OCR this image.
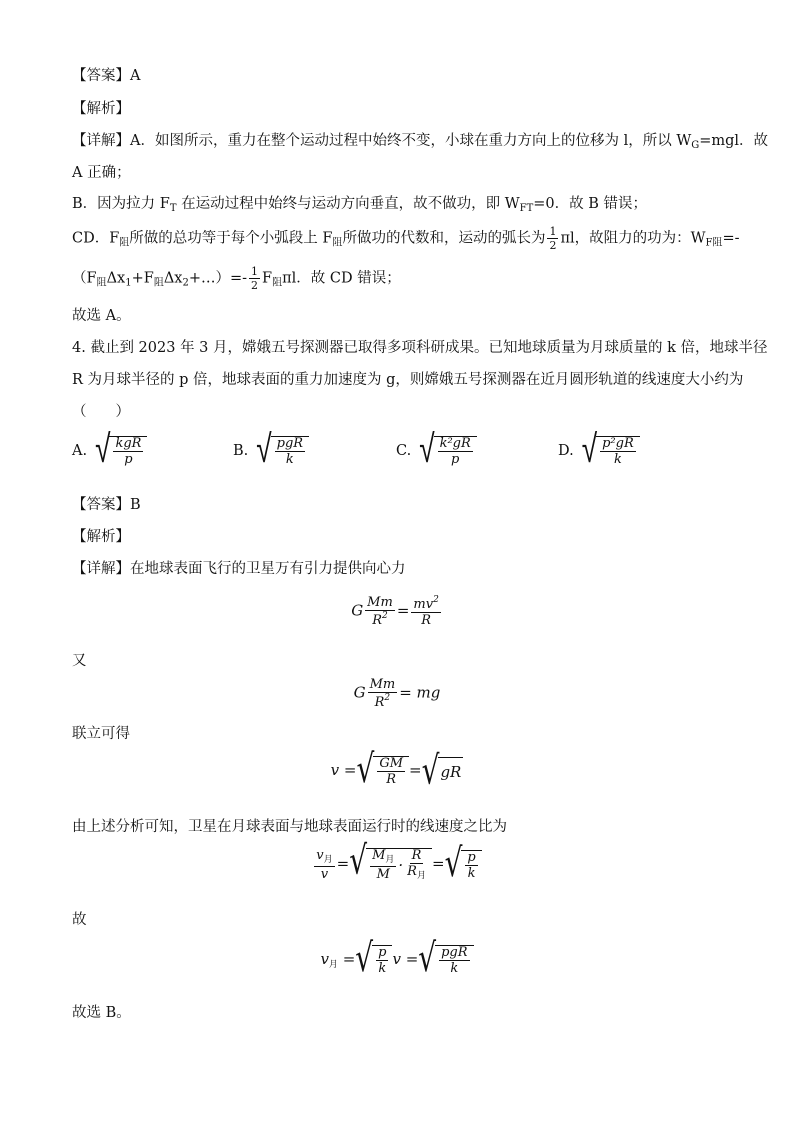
【答案】A
【解析】
【详解】A．如图所示，重力在整个运动过程中始终不变，小球在重力方向上的位移为 l，所以 $W_G=mgl$．故
A 正确；
B．因为拉力 $F_T$ 在运动过程中始终与运动方向垂直，故不做功，即 $W_{FT}=0$．故 B 错误；
CD．$F_阻$所做的总功等于每个小弧段上 $F_阻$所做功的代数和，运动的弧长为 $\frac{1}{2}$ πl，故阻力的功为：$W_{F阻}=-$
$(F_阻\Delta x_1+F_阻\Delta x_2+\dots)=- \frac{1}{2} F_阻\pi l$．故 CD 错误；
故选 A。
4. 截止到 2023 年 3 月，嫦娥五号探测器已取得多项科研成果。已知地球质量为月球质量的 k 倍，地球半径
R 为月球半径的 p 倍，地球表面的重力加速度为 g，则嫦娥五号探测器在近月圆形轨道的线速度大小约为
（　　）
A. √ $\frac{\text{kgR}}{p}$	B. √ $\frac{\text{pgR}}{k}$	C. √ $\frac{\text{k²gR}}{p}$	D. √ $\frac{\text{p²gR}}{k}$
【答案】B
【解析】
【详解】在地球表面飞行的卫星万有引力提供向心力
G $\frac{Mm}{R^2} = \frac{mv^2}{R}$
又
G $\frac{Mm}{R^2}$ = mg
联立可得
v = √ $\frac{GM}{R}$ = √ gR
由上述分析可知，卫星在月球表面与地球表面运行时的线速度之比为
$\frac{v_月}{v}$ = √ $\frac{M_月}{M} \cdot \frac{R}{R_月}$ = √ $\frac{p}{k}$
故
$v_月$ = √ $\frac{p}{k}$ v = √ $\frac{\text{pgR}}{k}$
故选 B。
